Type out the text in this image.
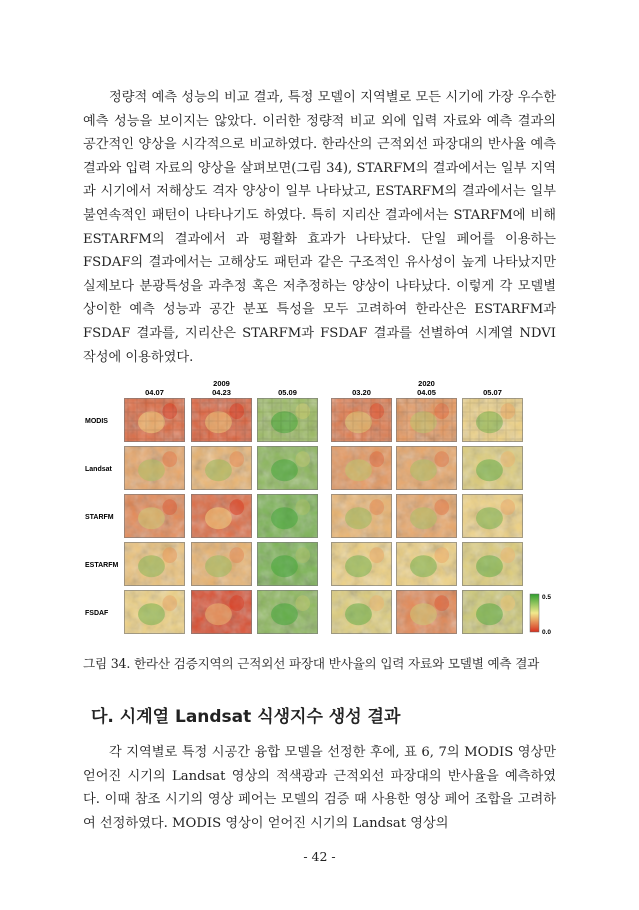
정량적 예측 성능의 비교 결과, 특정 모델이 지역별로 모든 시기에 가장 우수한 예측 성능을 보이지는 않았다. 이러한 정량적 비교 외에 입력 자료와 예측 결과의 공간적인 양상을 시각적으로 비교하였다. 한라산의 근적외선 파장대의 반사율 예측 결과와 입력 자료의 양상을 살펴보면(그림 34), STARFM의 결과에서는 일부 지역과 시기에서 저해상도 격자 양상이 일부 나타났고, ESTARFM의 결과에서는 일부 불연속적인 패턴이 나타나기도 하였다. 특히 지리산 결과에서는 STARFM에 비해 ESTARFM의 결과에서 과 평활화 효과가 나타났다. 단일 페어를 이용하는 FSDAF의 결과에서는 고해상도 패턴과 같은 구조적인 유사성이 높게 나타났지만 실제보다 분광특성을 과추정 혹은 저추정하는 양상이 나타났다. 이렇게 각 모델별 상이한 예측 성능과 공간 분포 특성을 모두 고려하여 한라산은 ESTARFM과 FSDAF 결과를, 지리산은 STARFM과 FSDAF 결과를 선별하여 시계열 NDVI 작성에 이용하였다.

2009	2020
04.07	04.23	05.09	03.20	04.05	05.07
MODIS
Landsat
STARFM
ESTARFM
FSDAF
0.5
0.0
그림 34. 한라산 검증지역의 근적외선 파장대 반사율의 입력 자료와 모델별 예측 결과
다. 시계열 Landsat 식생지수 생성 결과

각 지역별로 특정 시공간 융합 모델을 선정한 후에, 표 6, 7의 MODIS 영상만 얻어진 시기의 Landsat 영상의 적색광과 근적외선 파장대의 반사율을 예측하였다. 이때 참조 시기의 영상 페어는 모델의 검증 때 사용한 영상 페어 조합을 고려하여 선정하였다. MODIS 영상이 얻어진 시기의 Landsat 영상의

- 42 -
